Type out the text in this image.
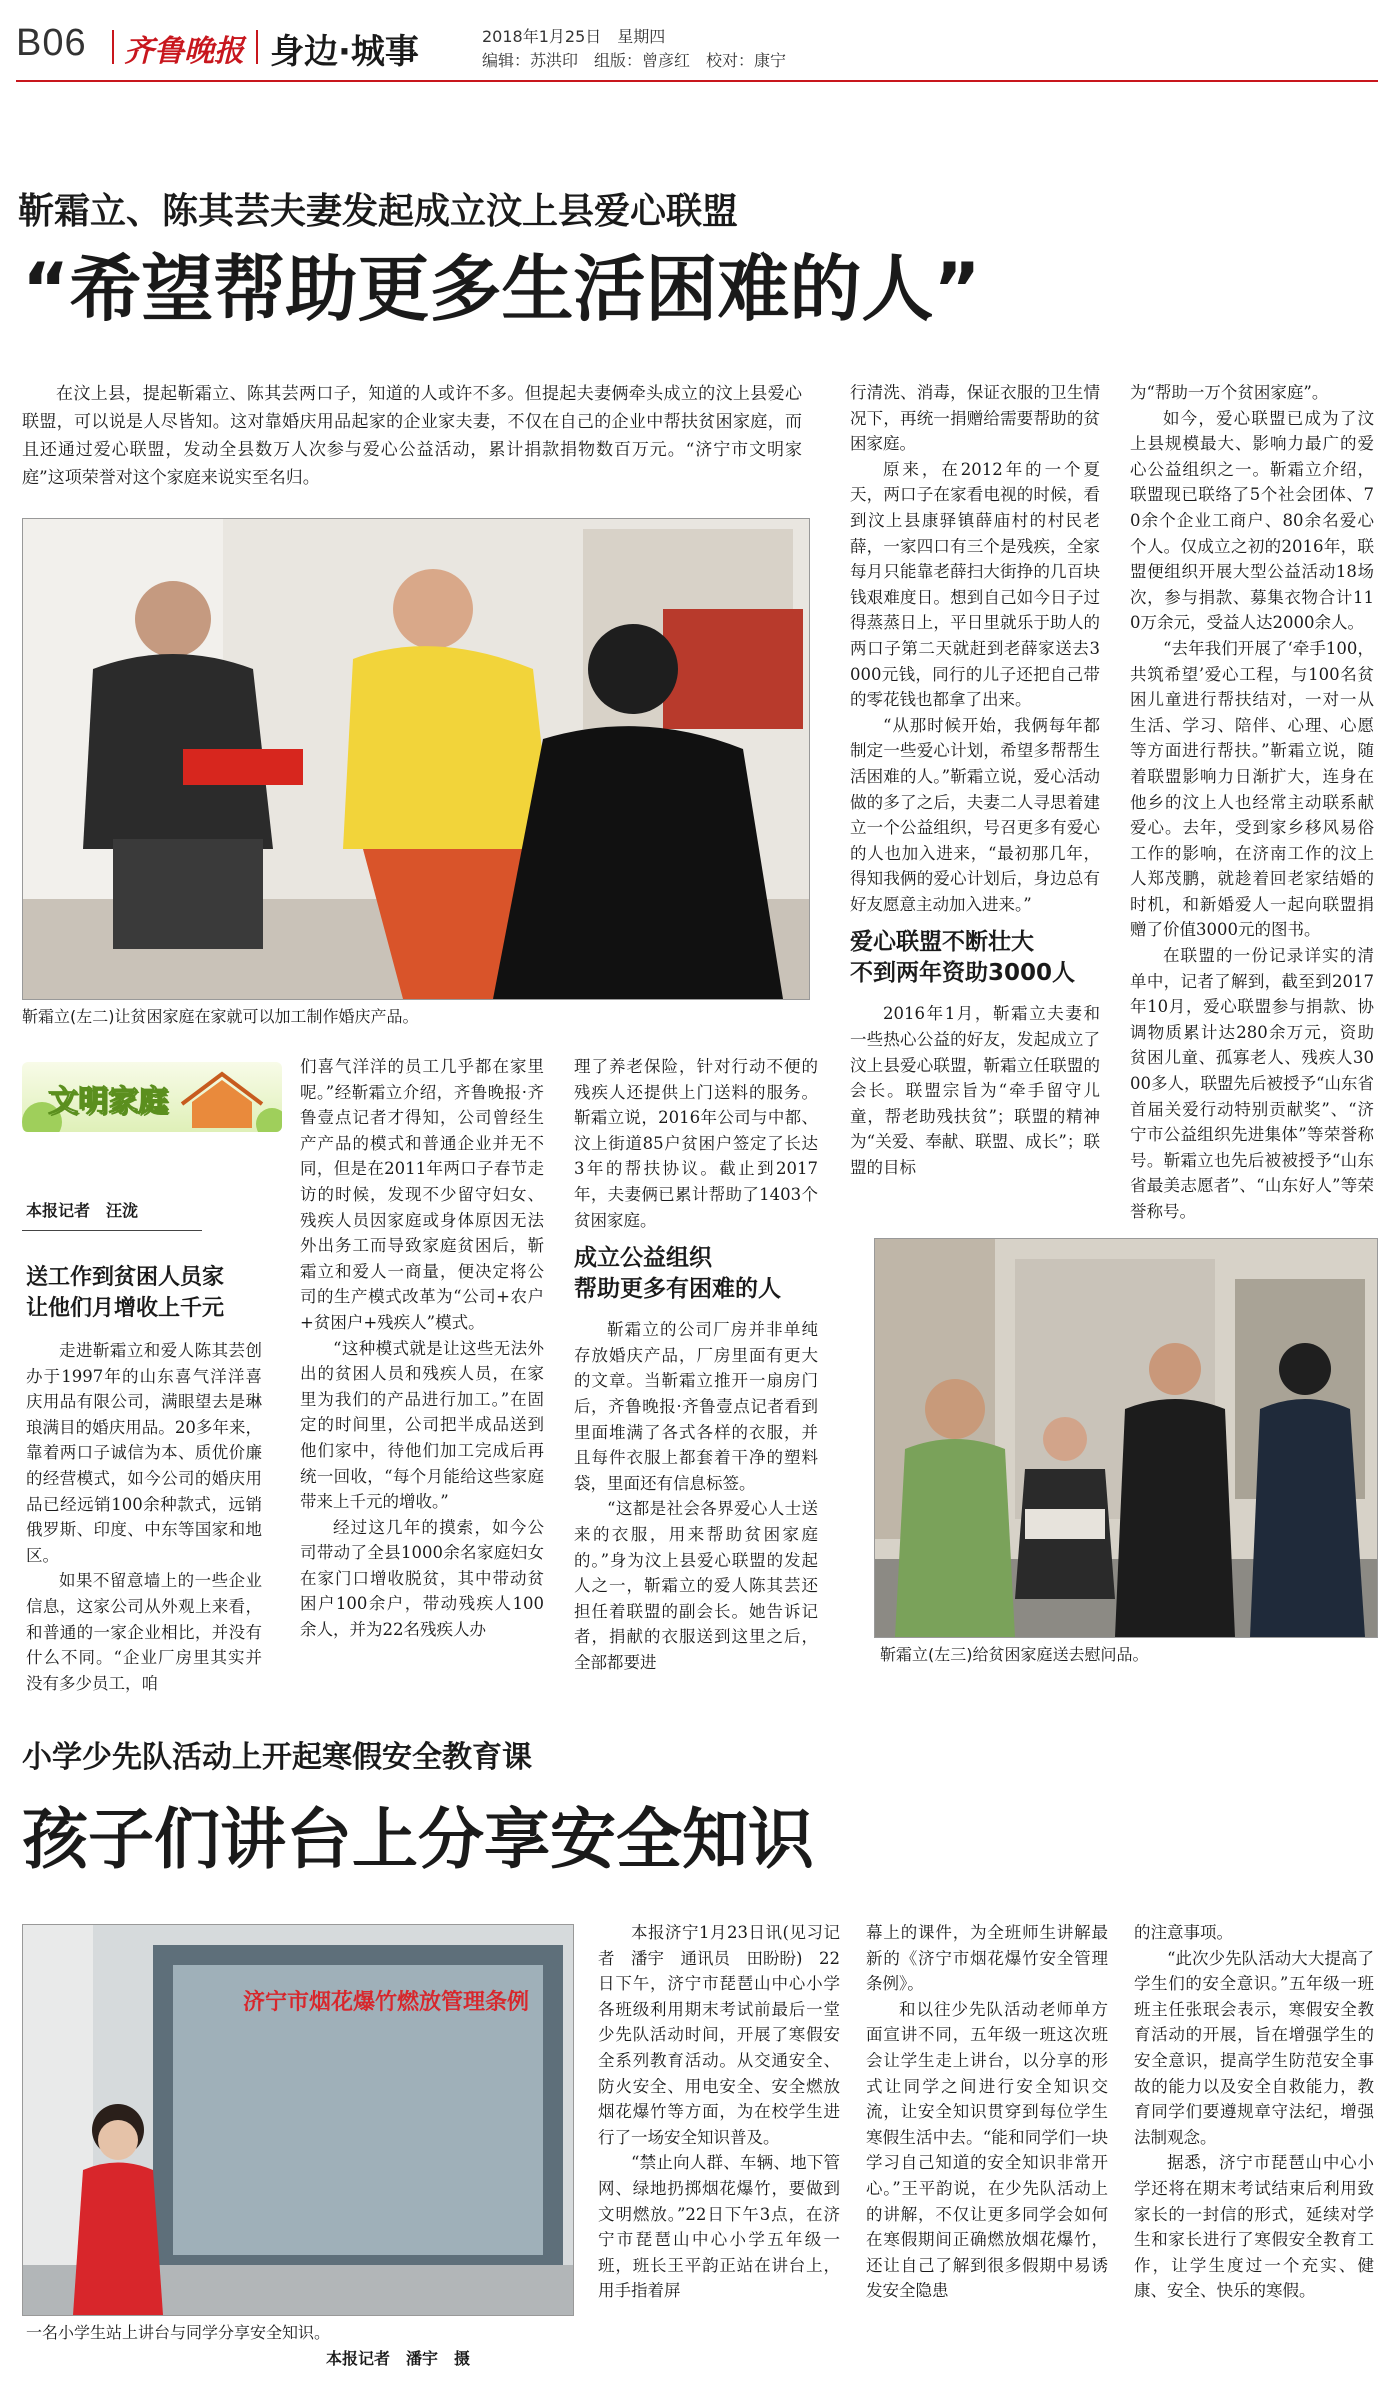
B06 齐鲁晚报 身边·城事	2018年1月25日　星期四
编辑：苏洪印　组版：曾彦红　校对：康宁
靳霜立、陈其芸夫妻发起成立汶上县爱心联盟
“希望帮助更多生活困难的人”

在汶上县，提起靳霜立、陈其芸两口子，知道的人或许不多。但提起夫妻俩牵头成立的汶上县爱心联盟，可以说是人尽皆知。这对靠婚庆用品起家的企业家夫妻，不仅在自己的企业中帮扶贫困家庭，而且还通过爱心联盟，发动全县数万人次参与爱心公益活动，累计捐款捐物数百万元。“济宁市文明家庭”这项荣誉对这个家庭来说实至名归。

靳霜立(左二)让贫困家庭在家就可以加工制作婚庆产品。
文明家庭
本报记者　汪泷
送工作到贫困人员家
让他们月增收上千元

走进靳霜立和爱人陈其芸创办于1997年的山东喜气洋洋喜庆用品有限公司，满眼望去是琳琅满目的婚庆用品。20多年来，靠着两口子诚信为本、质优价廉的经营模式，如今公司的婚庆用品已经远销100余种款式，远销俄罗斯、印度、中东等国家和地区。

如果不留意墙上的一些企业信息，这家公司从外观上来看，和普通的一家企业相比，并没有什么不同。“企业厂房里其实并没有多少员工，咱

们喜气洋洋的员工几乎都在家里呢。”经靳霜立介绍，齐鲁晚报·齐鲁壹点记者才得知，公司曾经生产产品的模式和普通企业并无不同，但是在2011年两口子春节走访的时候，发现不少留守妇女、残疾人员因家庭或身体原因无法外出务工而导致家庭贫困后，靳霜立和爱人一商量，便决定将公司的生产模式改革为“公司+农户+贫困户+残疾人”模式。

“这种模式就是让这些无法外出的贫困人员和残疾人员，在家里为我们的产品进行加工。”在固定的时间里，公司把半成品送到他们家中，待他们加工完成后再统一回收，“每个月能给这些家庭带来上千元的增收。”

经过这几年的摸索，如今公司带动了全县1000余名家庭妇女在家门口增收脱贫，其中带动贫困户100余户，带动残疾人100余人，并为22名残疾人办

理了养老保险，针对行动不便的残疾人还提供上门送料的服务。靳霜立说，2016年公司与中都、汶上街道85户贫困户签定了长达3年的帮扶协议。截止到2017年，夫妻俩已累计帮助了1403个贫困家庭。

成立公益组织
帮助更多有困难的人

靳霜立的公司厂房并非单纯存放婚庆产品，厂房里面有更大的文章。当靳霜立推开一扇房门后，齐鲁晚报·齐鲁壹点记者看到里面堆满了各式各样的衣服，并且每件衣服上都套着干净的塑料袋，里面还有信息标签。

“这都是社会各界爱心人士送来的衣服，用来帮助贫困家庭的。”身为汶上县爱心联盟的发起人之一，靳霜立的爱人陈其芸还担任着联盟的副会长。她告诉记者，捐献的衣服送到这里之后，全部都要进

行清洗、消毒，保证衣服的卫生情况下，再统一捐赠给需要帮助的贫困家庭。

原来，在2012年的一个夏天，两口子在家看电视的时候，看到汶上县康驿镇薛庙村的村民老薛，一家四口有三个是残疾，全家每月只能靠老薛扫大街挣的几百块钱艰难度日。想到自己如今日子过得蒸蒸日上，平日里就乐于助人的两口子第二天就赶到老薛家送去3000元钱，同行的儿子还把自己带的零花钱也都拿了出来。

“从那时候开始，我俩每年都制定一些爱心计划，希望多帮帮生活困难的人。”靳霜立说，爱心活动做的多了之后，夫妻二人寻思着建立一个公益组织，号召更多有爱心的人也加入进来，“最初那几年，得知我俩的爱心计划后，身边总有好友愿意主动加入进来。”

爱心联盟不断壮大
不到两年资助3000人

2016年1月，靳霜立夫妻和一些热心公益的好友，发起成立了汶上县爱心联盟，靳霜立任联盟的会长。联盟宗旨为“牵手留守儿童，帮老助残扶贫”；联盟的精神为“关爱、奉献、联盟、成长”；联盟的目标

为“帮助一万个贫困家庭”。

如今，爱心联盟已成为了汶上县规模最大、影响力最广的爱心公益组织之一。靳霜立介绍，联盟现已联络了5个社会团体、70余个企业工商户、80余名爱心个人。仅成立之初的2016年，联盟便组织开展大型公益活动18场次，参与捐款、募集衣物合计110万余元，受益人达2000余人。

“去年我们开展了‘牵手100，共筑希望’爱心工程，与100名贫困儿童进行帮扶结对，一对一从生活、学习、陪伴、心理、心愿等方面进行帮扶。”靳霜立说，随着联盟影响力日渐扩大，连身在他乡的汶上人也经常主动联系献爱心。去年，受到家乡移风易俗工作的影响，在济南工作的汶上人郑茂鹏，就趁着回老家结婚的时机，和新婚爱人一起向联盟捐赠了价值3000元的图书。

在联盟的一份记录详实的清单中，记者了解到，截至到2017年10月，爱心联盟参与捐款、协调物质累计达280余万元，资助贫困儿童、孤寡老人、残疾人3000多人，联盟先后被授予“山东省首届关爱行动特别贡献奖”、“济宁市公益组织先进集体”等荣誉称号。靳霜立也先后被被授予“山东省最美志愿者”、“山东好人”等荣誉称号。

靳霜立(左三)给贫困家庭送去慰问品。
小学少先队活动上开起寒假安全教育课
孩子们讲台上分享安全知识
济宁市烟花爆竹燃放管理条例
一名小学生站上讲台与同学分享安全知识。
本报记者　潘宇　摄

本报济宁1月23日讯(见习记者　潘宇　通讯员　田盼盼)　22日下午，济宁市琵琶山中心小学各班级利用期末考试前最后一堂少先队活动时间，开展了寒假安全系列教育活动。从交通安全、防火安全、用电安全、安全燃放烟花爆竹等方面，为在校学生进行了一场安全知识普及。

“禁止向人群、车辆、地下管网、绿地扔掷烟花爆竹，要做到文明燃放。”22日下午3点，在济宁市琵琶山中心小学五年级一班，班长王平韵正站在讲台上，用手指着屏

幕上的课件，为全班师生讲解最新的《济宁市烟花爆竹安全管理条例》。

和以往少先队活动老师单方面宣讲不同，五年级一班这次班会让学生走上讲台，以分享的形式让同学之间进行安全知识交流，让安全知识贯穿到每位学生寒假生活中去。“能和同学们一块学习自己知道的安全知识非常开心。”王平韵说，在少先队活动上的讲解，不仅让更多同学会如何在寒假期间正确燃放烟花爆竹，还让自己了解到很多假期中易诱发安全隐患

的注意事项。

“此次少先队活动大大提高了学生们的安全意识。”五年级一班班主任张珉会表示，寒假安全教育活动的开展，旨在增强学生的安全意识，提高学生防范安全事故的能力以及安全自救能力，教育同学们要遵规章守法纪，增强法制观念。

据悉，济宁市琵琶山中心小学还将在期末考试结束后利用致家长的一封信的形式，延续对学生和家长进行了寒假安全教育工作，让学生度过一个充实、健康、安全、快乐的寒假。
